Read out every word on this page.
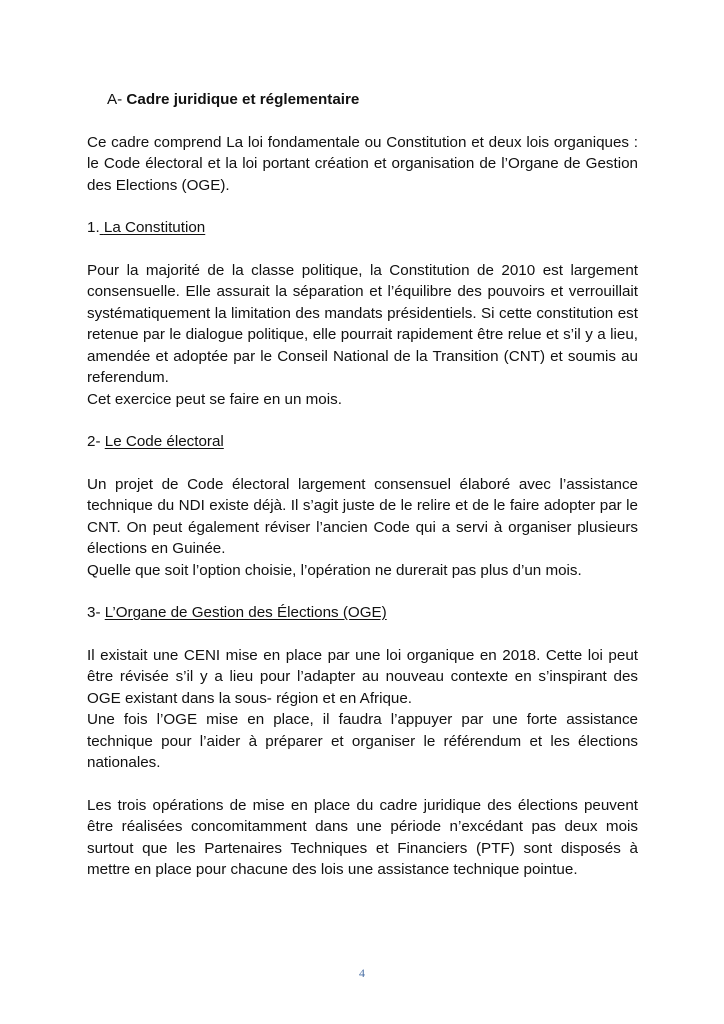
A- Cadre juridique et réglementaire

Ce cadre comprend La loi fondamentale ou Constitution et deux lois organiques : le Code électoral et la loi portant création et organisation de l’Organe de Gestion des Elections (OGE).

1. La Constitution

Pour la majorité de la classe politique, la Constitution de 2010 est largement consensuelle. Elle assurait la séparation et l’équilibre des pouvoirs et verrouillait systématiquement la limitation des mandats présidentiels. Si cette constitution est retenue par le dialogue politique, elle pourrait rapidement être relue et s’il y a lieu, amendée et adoptée par le Conseil National de la Transition (CNT) et soumis au referendum.

Cet exercice peut se faire en un mois.

2- Le Code électoral

Un projet de Code électoral largement consensuel élaboré avec l’assistance technique du NDI existe déjà. Il s’agit juste de le relire et de le faire adopter par le CNT. On peut également réviser l’ancien Code qui a servi à organiser plusieurs élections en Guinée.

Quelle que soit l’option choisie, l’opération ne durerait pas plus d’un mois.

3- L’Organe de Gestion des Élections (OGE)

Il existait une CENI mise en place par une loi organique en 2018. Cette loi peut être révisée s’il y a lieu pour l’adapter au nouveau contexte en s’inspirant des OGE existant dans la sous- région et en Afrique.

Une fois l’OGE mise en place, il faudra l’appuyer par une forte assistance technique pour l’aider à préparer et organiser le référendum et les élections nationales.

Les trois opérations de mise en place du cadre juridique des élections peuvent être réalisées concomitamment dans une période n’excédant pas deux mois surtout que les Partenaires Techniques et Financiers (PTF) sont disposés à mettre en place pour chacune des lois une assistance technique pointue.

4
